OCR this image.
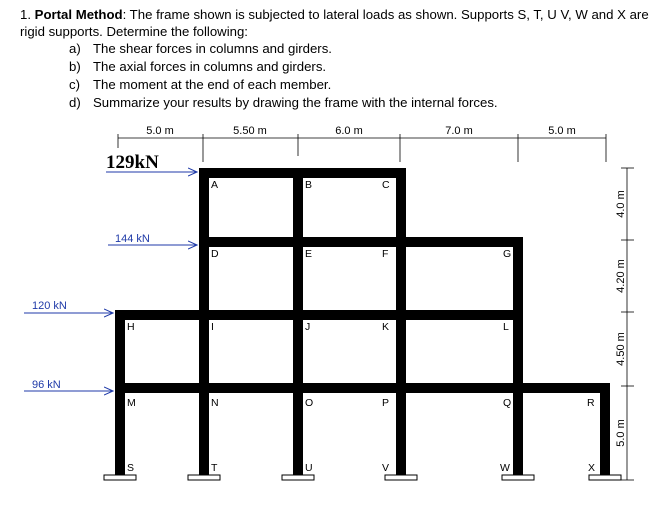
1. Portal Method: The frame shown is subjected to lateral loads as shown. Supports S, T, U V, W and X are
rigid supports. Determine the following:
a) The shear forces in columns and girders.
b) The axial forces in columns and girders.
c) The moment at the end of each member.
d) Summarize your results by drawing the frame with the internal forces.
5.0 m	5.50 m	6.0 m	7.0 m	5.0 m
4.0 m
4.20 m
4.50 m
5.0 m
A	B	C
D	E	F	G
H	I	J	K	L
M	N	O	P	Q	R
S	T	U	V	W	X
129kN
144 kN
120 kN
96 kN
